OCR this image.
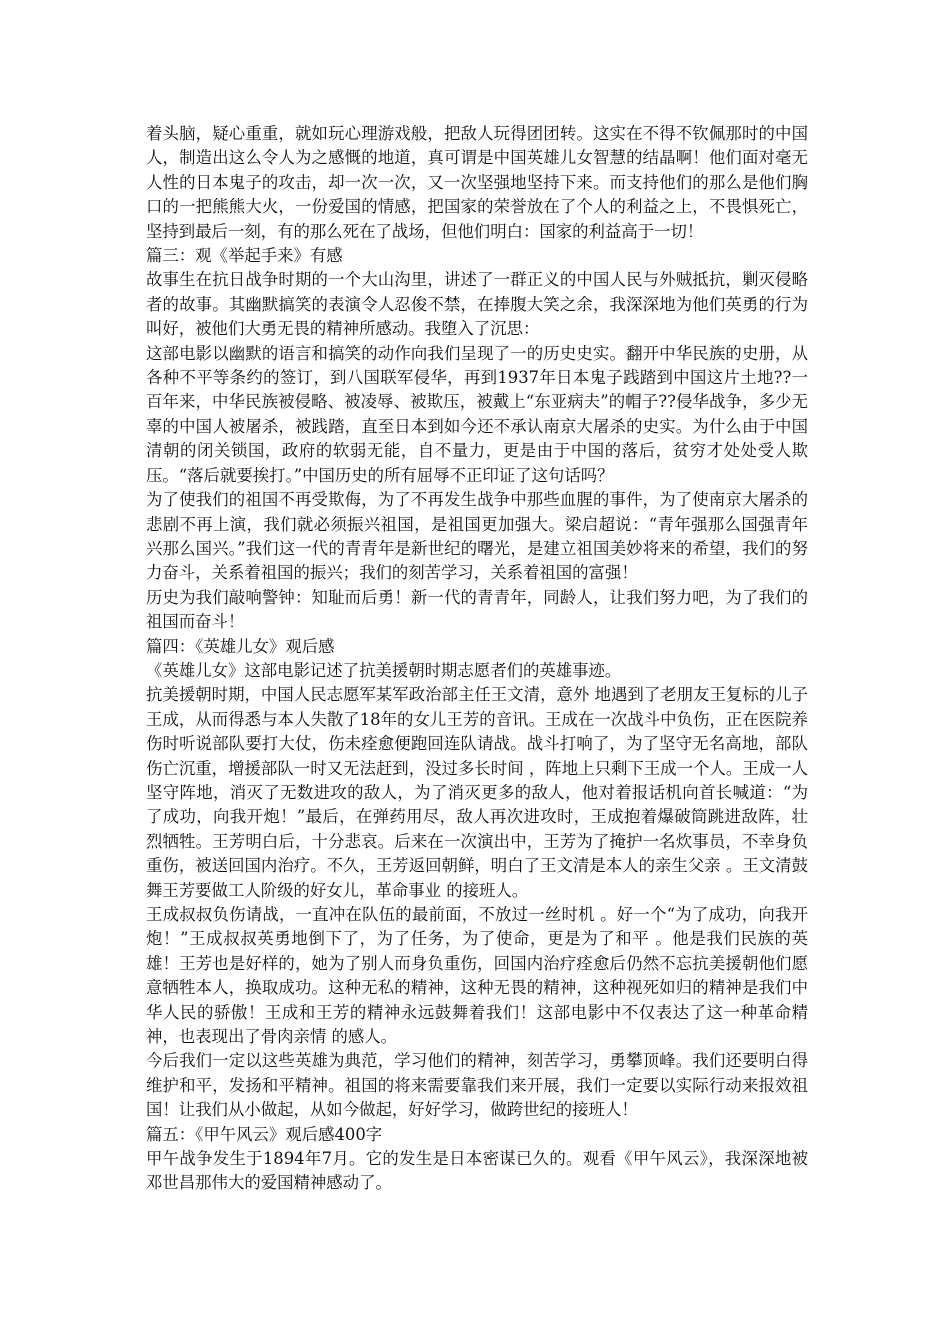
着头脑，疑心重重，就如玩心理游戏般，把敌人玩得团团转。这实在不得不钦佩那时的中国人，制造出这么令人为之感慨的地道，真可谓是中国英雄儿女智慧的结晶啊！他们面对毫无人性的日本鬼子的攻击，却一次一次，又一次坚强地坚持下来。而支持他们的那么是他们胸口的一把熊熊大火，一份爱国的情感，把国家的荣誉放在了个人的利益之上，不畏惧死亡，坚持到最后一刻，有的那么死在了战场，但他们明白：国家的利益高于一切！

篇三：观《举起手来》有感

故事生在抗日战争时期的一个大山沟里，讲述了一群正义的中国人民与外贼抵抗，剿灭侵略者的故事。其幽默搞笑的表演令人忍俊不禁，在捧腹大笑之余，我深深地为他们英勇的行为叫好，被他们大勇无畏的精神所感动。我堕入了沉思：

这部电影以幽默的语言和搞笑的动作向我们呈现了一的历史史实。翻开中华民族的史册，从各种不平等条约的签订，到八国联军侵华，再到1937年日本鬼子践踏到中国这片土地??一百年来，中华民族被侵略、被凌辱、被欺压，被戴上“东亚病夫”的帽子??侵华战争，多少无辜的中国人被屠杀，被践踏，直至日本到如今还不承认南京大屠杀的史实。为什么由于中国清朝的闭关锁国，政府的软弱无能，自不量力，更是由于中国的落后，贫穷才处处受人欺压。“落后就要挨打。”中国历史的所有屈辱不正印证了这句话吗？

为了使我们的祖国不再受欺侮，为了不再发生战争中那些血腥的事件，为了使南京大屠杀的悲剧不再上演，我们就必须振兴祖国，是祖国更加强大。梁启超说：“青年强那么国强青年兴那么国兴。”我们这一代的青青年是新世纪的曙光，是建立祖国美妙将来的希望，我们的努力奋斗，关系着祖国的振兴；我们的刻苦学习，关系着祖国的富强！

历史为我们敲响警钟：知耻而后勇！新一代的青青年，同龄人，让我们努力吧，为了我们的祖国而奋斗！

篇四：《英雄儿女》观后感

《英雄儿女》这部电影记述了抗美援朝时期志愿者们的英雄事迹。

抗美援朝时期，中国人民志愿军某军政治部主任王文清，意外 地遇到了老朋友王复标的儿子 王成，从而得悉与本人失散了18年的女儿王芳的音讯。王成在一次战斗中负伤，正在医院养伤时听说部队要打大仗，伤未痊愈便跑回连队请战。战斗打响了，为了坚守无名高地，部队伤亡沉重，增援部队一时又无法赶到，没过多长时间 ，阵地上只剩下王成一个人。王成一人坚守阵地，消灭了无数进攻的敌人，为了消灭更多的敌人，他对着报话机向首长喊道：“为了成功，向我开炮！”最后，在弹药用尽，敌人再次进攻时，王成抱着爆破筒跳进敌阵，壮烈牺牲。王芳明白后，十分悲哀。后来在一次演出中，王芳为了掩护一名炊事员，不幸身负重伤，被送回国内治疗。不久，王芳返回朝鲜，明白了王文清是本人的亲生父亲 。王文清鼓舞王芳要做工人阶级的好女儿，革命事业 的接班人。

王成叔叔负伤请战，一直冲在队伍的最前面，不放过一丝时机 。好一个“为了成功，向我开炮！”王成叔叔英勇地倒下了，为了任务，为了使命，更是为了和平 。他是我们民族的英雄！王芳也是好样的，她为了别人而身负重伤，回国内治疗痊愈后仍然不忘抗美援朝他们愿意牺牲本人，换取成功。这种无私的精神，这种无畏的精神，这种视死如归的精神是我们中华人民的骄傲！王成和王芳的精神永远鼓舞着我们！这部电影中不仅表达了这一种革命精神，也表现出了骨肉亲情 的感人。

今后我们一定以这些英雄为典范，学习他们的精神，刻苦学习，勇攀顶峰。我们还要明白得维护和平，发扬和平精神。祖国的将来需要靠我们来开展，我们一定要以实际行动来报效祖国！让我们从小做起，从如今做起，好好学习，做跨世纪的接班人！

篇五：《甲午风云》观后感400字

甲午战争发生于1894年7月。它的发生是日本密谋已久的。观看《甲午风云》，我深深地被邓世昌那伟大的爱国精神感动了。
